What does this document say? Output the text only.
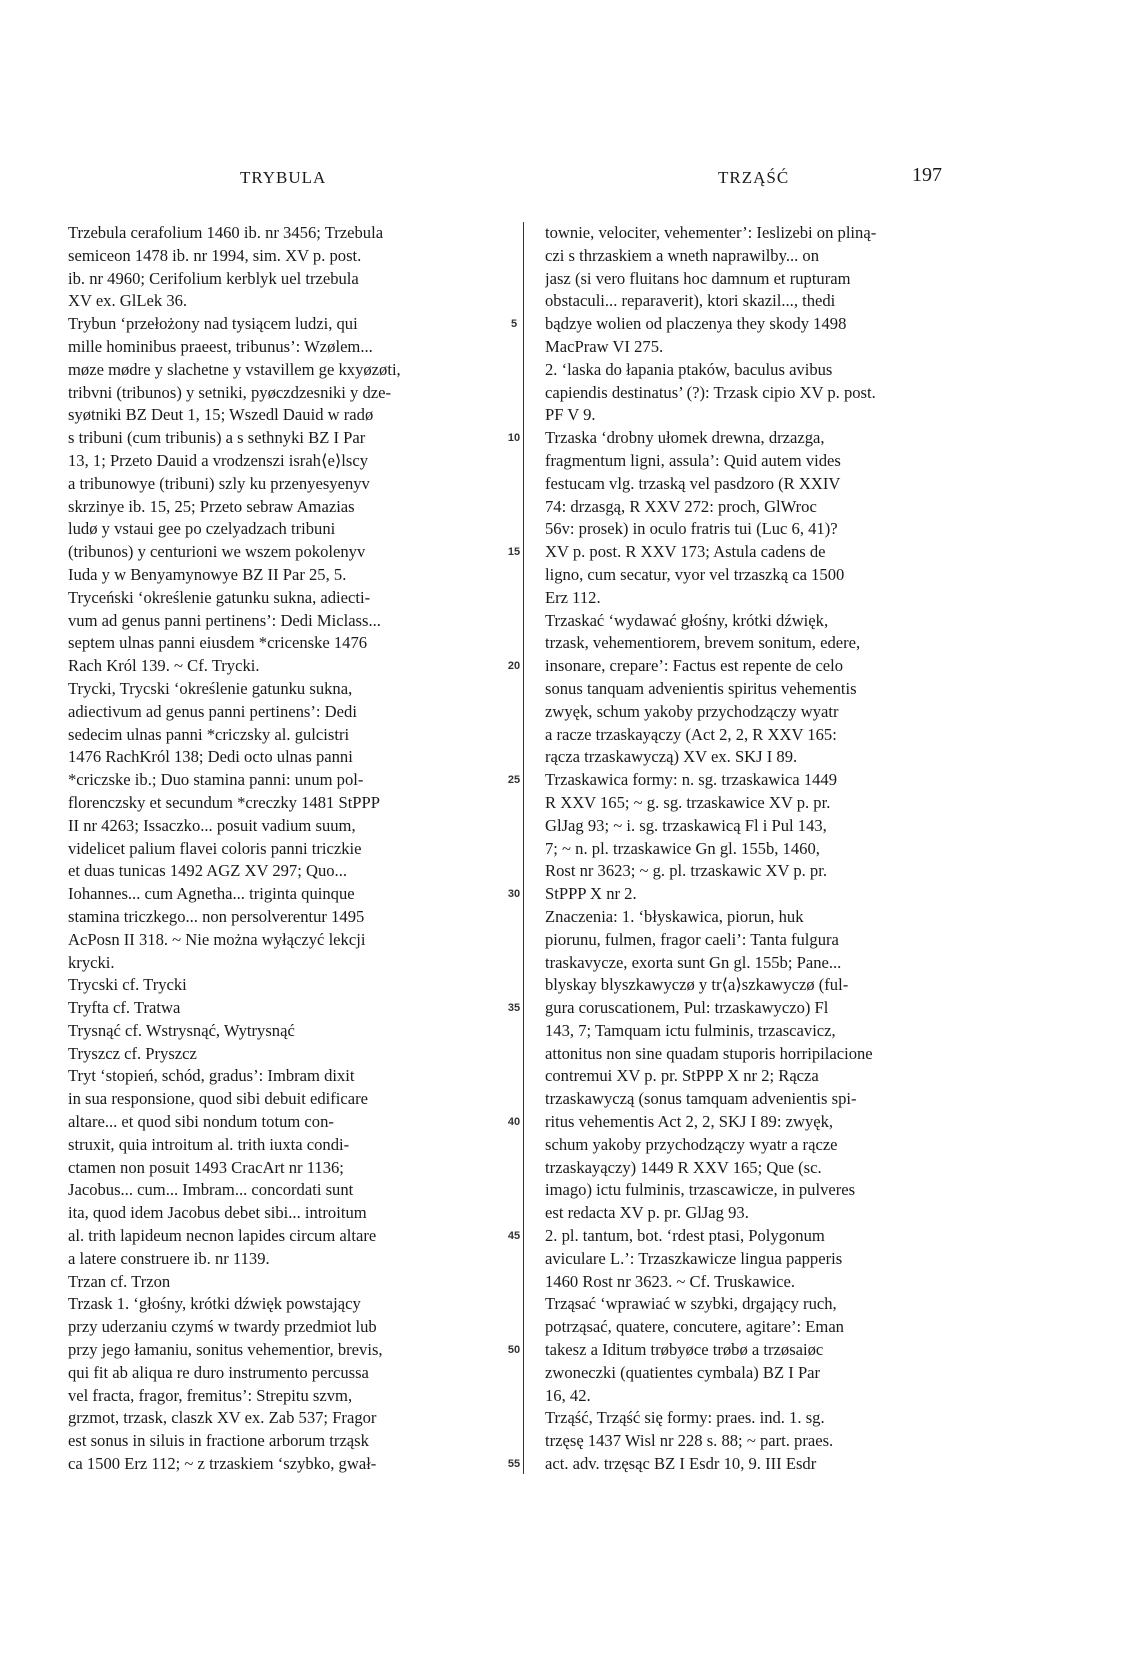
TRYBULA	TRZĄŚĆ	197
Trzebula cerafolium 1460 ib. nr 3456; Trzebula
semiceon 1478 ib. nr 1994, sim. XV p. post.
ib. nr 4960; Cerifolium kerblyk uel trzebula
XV ex. GlLek 36.
Trybun ‘przełożony nad tysiącem ludzi, qui
mille hominibus praeest, tribunus’: Wzølem...
møze mødre y slachetne y vstavillem ge kxyøzøti,
tribvni (tribunos) y setniki, pyøczdzesniki y dze-
syøtniki BZ Deut 1, 15; Wszedl Dauid w radø
s tribuni (cum tribunis) a s sethnyki BZ I Par
13, 1; Przeto Dauid a vrodzenszi israh⟨e⟩lscy
a tribunowye (tribuni) szly ku przenyesyenyv
skrzinye ib. 15, 25; Przeto sebraw Amazias
ludø y vstaui gee po czelyadzach tribuni
(tribunos) y centurioni we wszem pokolenyv
Iuda y w Benyamynowye BZ II Par 25, 5.
Tryceński ‘określenie gatunku sukna, adiecti-
vum ad genus panni pertinens’: Dedi Miclass...
septem ulnas panni eiusdem *cricenske 1476
Rach Król 139. ~ Cf. Trycki.
Trycki, Trycski ‘określenie gatunku sukna,
adiectivum ad genus panni pertinens’: Dedi
sedecim ulnas panni *criczsky al. gulcistri
1476 RachKról 138; Dedi octo ulnas panni
*criczske ib.; Duo stamina panni: unum pol-
florenczsky et secundum *creczky 1481 StPPP
II nr 4263; Issaczko... posuit vadium suum,
videlicet palium flavei coloris panni triczkie
et duas tunicas 1492 AGZ XV 297; Quo...
Iohannes... cum Agnetha... triginta quinque
stamina triczkego... non persolverentur 1495
AcPosn II 318. ~ Nie można wyłączyć lekcji
krycki.
Trycski cf. Trycki
Tryfta cf. Tratwa
Trysnąć cf. Wstrysnąć, Wytrysnąć
Tryszcz cf. Pryszcz
Tryt ‘stopień, schód, gradus’: Imbram dixit
in sua responsione, quod sibi debuit edificare
altare... et quod sibi nondum totum con-
struxit, quia introitum al. trith iuxta condi-
ctamen non posuit 1493 CracArt nr 1136;
Jacobus... cum... Imbram... concordati sunt
ita, quod idem Jacobus debet sibi... introitum
al. trith lapideum necnon lapides circum altare
a latere construere ib. nr 1139.
Trzan cf. Trzon
Trzask 1. ‘głośny, krótki dźwięk powstający
przy uderzaniu czymś w twardy przedmiot lub
przy jego łamaniu, sonitus vehementior, brevis,
qui fit ab aliqua re duro instrumento percussa
vel fracta, fragor, fremitus’: Strepitu szvm,
grzmot, trzask, claszk XV ex. Zab 537; Fragor
est sonus in siluis in fractione arborum trząsk
ca 1500 Erz 112; ~ z trzaskiem ‘szybko, gwał-
5
10
15
20
25
30
35
40
45
50
55
townie, velociter, vehementer’: Ieslizebi on pliną-
czi s thrzaskiem a wneth naprawilby... on
jasz (si vero fluitans hoc damnum et rupturam
obstaculi... reparaverit), ktori skazil..., thedi
bądzye wolien od placzenya they skody 1498
MacPraw VI 275.
2. ‘laska do łapania ptaków, baculus avibus
capiendis destinatus’ (?): Trzask cipio XV p. post.
PF V 9.
Trzaska ‘drobny ułomek drewna, drzazga,
fragmentum ligni, assula’: Quid autem vides
festucam vlg. trzaską vel pasdzoro (R XXIV
74: drzasgą, R XXV 272: proch, GlWroc
56v: prosek) in oculo fratris tui (Luc 6, 41)?
XV p. post. R XXV 173; Astula cadens de
ligno, cum secatur, vyor vel trzaszką ca 1500
Erz 112.
Trzaskać ‘wydawać głośny, krótki dźwięk,
trzask, vehementiorem, brevem sonitum, edere,
insonare, crepare’: Factus est repente de celo
sonus tanquam advenientis spiritus vehementis
zwyęk, schum yakoby przychodzączy wyatr
a racze trzaskayączy (Act 2, 2, R XXV 165:
rącza trzaskawyczą) XV ex. SKJ I 89.
Trzaskawica formy: n. sg. trzaskawica 1449
R XXV 165; ~ g. sg. trzaskawice XV p. pr.
GlJag 93; ~ i. sg. trzaskawicą Fl i Pul 143,
7; ~ n. pl. trzaskawice Gn gl. 155b, 1460,
Rost nr 3623; ~ g. pl. trzaskawic XV p. pr.
StPPP X nr 2.
Znaczenia: 1. ‘błyskawica, piorun, huk
piorunu, fulmen, fragor caeli’: Tanta fulgura
traskavycze, exorta sunt Gn gl. 155b; Pane...
blyskay blyszkawyczø y tr⟨a⟩szkawyczø (ful-
gura coruscationem, Pul: trzaskawyczo) Fl
143, 7; Tamquam ictu fulminis, trzascavicz,
attonitus non sine quadam stuporis horripilacione
contremui XV p. pr. StPPP X nr 2; Rącza
trzaskawyczą (sonus tamquam advenientis spi-
ritus vehementis Act 2, 2, SKJ I 89: zwyęk,
schum yakoby przychodzączy wyatr a rącze
trzaskayączy) 1449 R XXV 165; Que (sc.
imago) ictu fulminis, trzascawicze, in pulveres
est redacta XV p. pr. GlJag 93.
2. pl. tantum, bot. ‘rdest ptasi, Polygonum
aviculare L.’: Trzaszkawicze lingua papperis
1460 Rost nr 3623. ~ Cf. Truskawice.
Trząsać ‘wprawiać w szybki, drgający ruch,
potrząsać, quatere, concutere, agitare’: Eman
takesz a Iditum trøbyøce trøbø a trzøsaiøc
zwoneczki (quatientes cymbala) BZ I Par
16, 42.
Trząść, Trząść się formy: praes. ind. 1. sg.
trzęsę 1437 Wisl nr 228 s. 88; ~ part. praes.
act. adv. trzęsąc BZ I Esdr 10, 9. III Esdr
